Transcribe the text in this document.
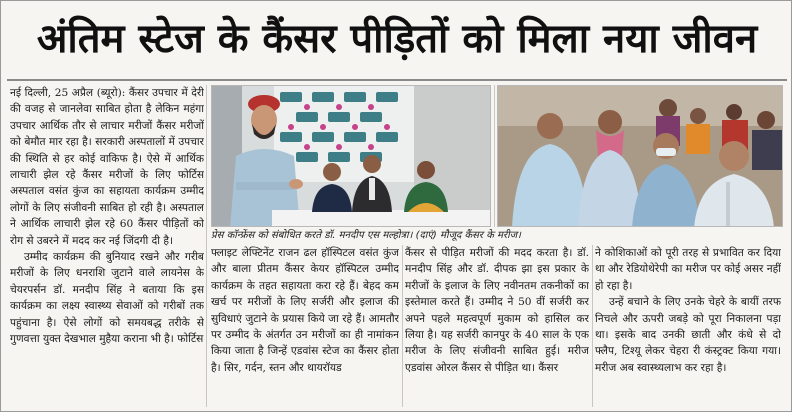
अंतिम स्टेज के कैंसर पीड़ितों को मिला नया जीवन

नई दिल्ली, 25 अप्रैल (ब्यूरो): कैंसर उपचार में देरी की वजह से जानलेवा साबित होता है लेकिन महंगा उपचार आर्थिक तौर से लाचार मरीजों कैंसर मरीजों को बेमौत मार रहा है। सरकारी अस्पतालों में उपचार की स्थिति से हर कोई वाकिफ है। ऐसे में आर्थिक लाचारी झेल रहे कैंसर मरीजों के लिए फोर्टिस अस्पताल वसंत कुंज का सहायता कार्यक्रम उम्मीद लोगों के लिए संजीवनी साबित हो रही है। अस्पताल ने आर्थिक लाचारी झेल रहे 60 कैंसर पीड़ितों को रोग से उबरने में मदद कर नई जिंदगी दी है।

उम्मीद कार्यक्रम की बुनियाद रखने और गरीब मरीजों के लिए धनराशि जुटाने वाले लायनेस के चेयरपर्सन डॉ. मनदीप सिंह ने बताया कि इस कार्यक्रम का लक्ष्य स्वास्थ्य सेवाओं को गरीबों तक पहुंचाना है। ऐसे लोगों को समयबद्ध तरीके से गुणवत्ता युक्त देखभाल मुहैया कराना भी है। फोर्टिस

प्रेस कॉन्फ्रेंस को संबोधित करते डॉ. मनदीप एस मल्होत्रा। (दाएं) मौजूद कैंसर के मरीज।

फ्लाइट लेफ्टिनेंट राजन ढल हॉस्पिटल वसंत कुंज और बाला प्रीतम कैंसर केयर हॉस्पिटल उम्मीद कार्यक्रम के तहत सहायता करा रहे हैं। बेहद कम खर्च पर मरीजों के लिए सर्जरी और इलाज की सुविधाएं जुटाने के प्रयास किये जा रहे हैं। आमतौर पर उम्मीद के अंतर्गत उन मरीजों का ही नामांकन किया जाता है जिन्हें एडवांस स्टेज का कैंसर होता है। सिर, गर्दन, स्तन और थायरॉयड

कैंसर से पीड़ित मरीजों की मदद करता है। डॉ. मनदीप सिंह और डॉ. दीपक झा इस प्रकार के मरीजों के इलाज के लिए नवीनतम तकनीकों का इस्तेमाल करते हैं। उम्मीद ने 50 वीं सर्जरी कर अपने पहले महत्वपूर्ण मुकाम को हासिल कर लिया है। यह सर्जरी कानपुर के 40 साल के एक मरीज के लिए संजीवनी साबित हुई। मरीज एडवांस ओरल कैंसर से पीड़ित था। कैंसर

ने कोशिकाओं को पूरी तरह से प्रभावित कर दिया था और रेडियोथेरेपी का मरीज पर कोई असर नहीं हो रहा है।

उन्हें बचाने के लिए उनके चेहरे के बायीं तरफ निचले और ऊपरी जबड़े को पूरा निकालना पड़ा था। इसके बाद उनकी छाती और कंधे से दो फ्लैप, टिश्यू लेकर चेहरा री कंस्ट्रक्ट किया गया। मरीज अब स्वास्थ्यलाभ कर रहा है।
